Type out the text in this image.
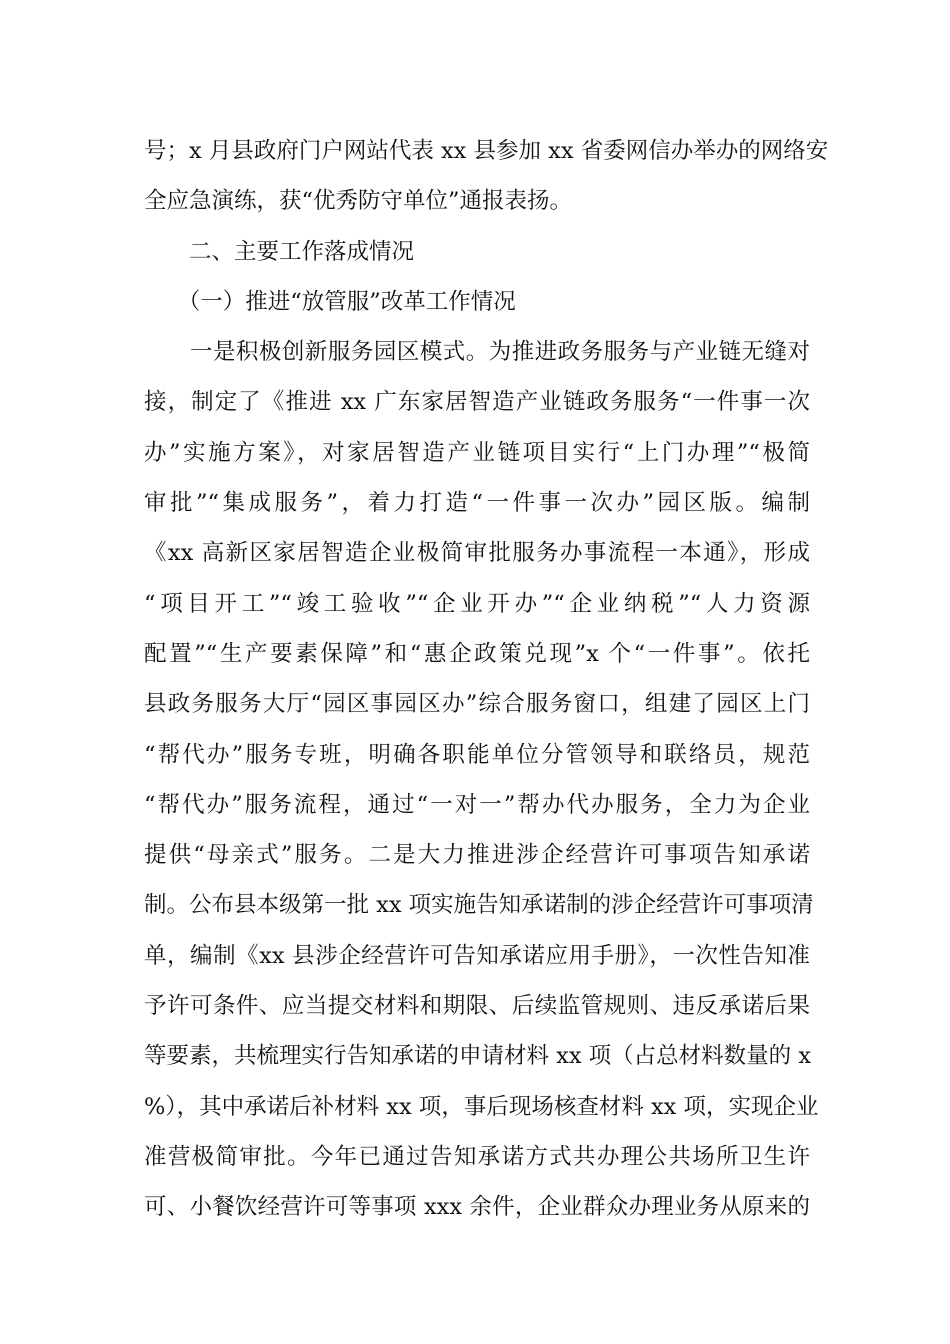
号；x 月县政府门户网站代表 xx 县参加 xx 省委网信办举办的网络安
全应急演练，获“优秀防守单位”通报表扬。
　　二、主要工作落成情况
　　（一）推进“放管服”改革工作情况
　　一是积极创新服务园区模式。为推进政务服务与产业链无缝对
接，制定了《推进 xx 广东家居智造产业链政务服务“一件事一次
办”实施方案》，对家居智造产业链项目实行“上门办理”“极简
审批”“集成服务”，着力打造“一件事一次办”园区版。编制
《xx 高新区家居智造企业极简审批服务办事流程一本通》，形成
“项目开工”“竣工验收”“企业开办”“企业纳税”“人力资源
配置”“生产要素保障”和“惠企政策兑现”x 个“一件事”。依托
县政务服务大厅“园区事园区办”综合服务窗口，组建了园区上门
“帮代办”服务专班，明确各职能单位分管领导和联络员，规范
“帮代办”服务流程，通过“一对一”帮办代办服务，全力为企业
提供“母亲式”服务。二是大力推进涉企经营许可事项告知承诺
制。公布县本级第一批 xx 项实施告知承诺制的涉企经营许可事项清
单，编制《xx 县涉企经营许可告知承诺应用手册》，一次性告知准
予许可条件、应当提交材料和期限、后续监管规则、违反承诺后果
等要素，共梳理实行告知承诺的申请材料 xx 项（占总材料数量的 x
%），其中承诺后补材料 xx 项，事后现场核查材料 xx 项，实现企业
准营极简审批。今年已通过告知承诺方式共办理公共场所卫生许
可、小餐饮经营许可等事项 xxx 余件，企业群众办理业务从原来的
